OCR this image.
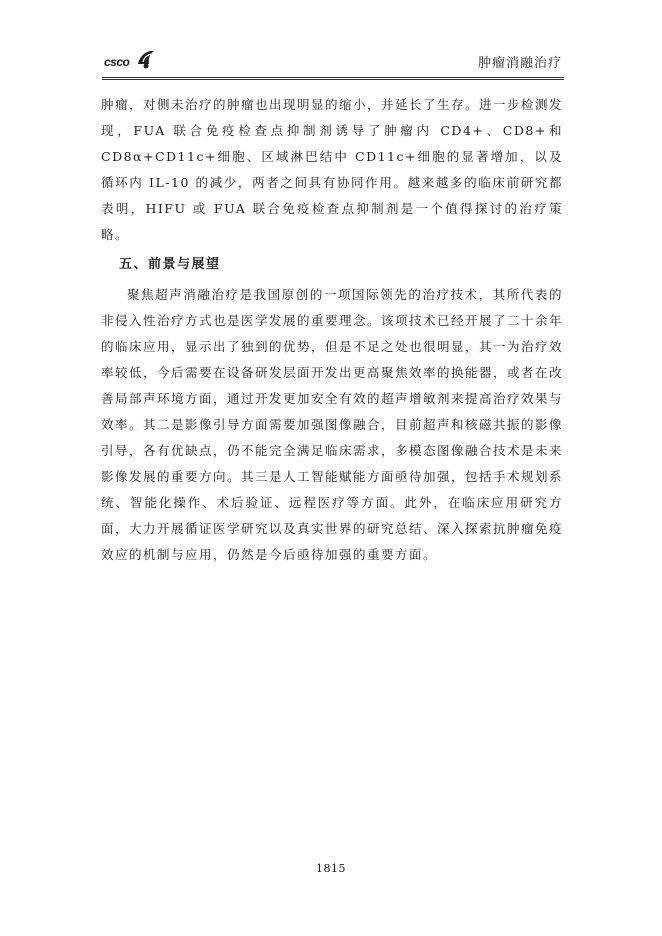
csco	肿瘤消融治疗

肿瘤，对侧未治疗的肿瘤也出现明显的缩小，并延长了生存。进一步检测发现，FUA 联合免疫检查点抑制剂诱导了肿瘤内 CD4+、CD8+和 CD8α+CD11c+细胞、区域淋巴结中 CD11c+细胞的显著增加，以及循环内 IL-10 的减少，两者之间具有协同作用。越来越多的临床前研究都表明，HIFU 或 FUA 联合免疫检查点抑制剂是一个值得探讨的治疗策略。

五、前景与展望

聚焦超声消融治疗是我国原创的一项国际领先的治疗技术，其所代表的非侵入性治疗方式也是医学发展的重要理念。该项技术已经开展了二十余年的临床应用，显示出了独到的优势，但是不足之处也很明显，其一为治疗效率较低，今后需要在设备研发层面开发出更高聚焦效率的换能器，或者在改善局部声环境方面，通过开发更加安全有效的超声增敏剂来提高治疗效果与效率。其二是影像引导方面需要加强图像融合，目前超声和核磁共振的影像引导，各有优缺点，仍不能完全满足临床需求，多模态图像融合技术是未来影像发展的重要方向。其三是人工智能赋能方面亟待加强，包括手术规划系统、智能化操作、术后验证、远程医疗等方面。此外，在临床应用研究方面，大力开展循证医学研究以及真实世界的研究总结、深入探索抗肿瘤免疫效应的机制与应用，仍然是今后亟待加强的重要方面。

1815
